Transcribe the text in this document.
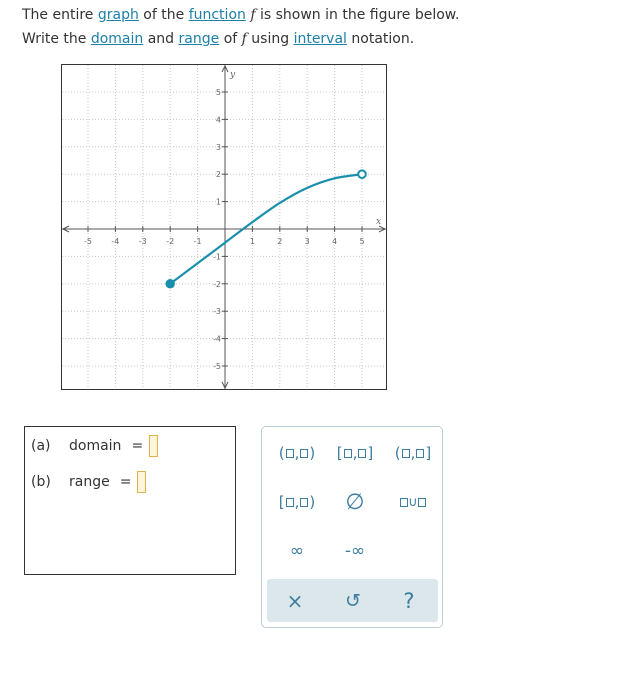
The entire graph of the function f is shown in the figure below.
Write the domain and range of f using interval notation.
x
y
-5 -4 -3 -2 -1	1	2	3	4	5
5
4
3
2
1
-1
-2
-3
-4
-5
(a)	domain =
(b)	range =
( , ) [ , ] ( , ]
[ , )	∅	∪
∞	-∞
×	↺	?
